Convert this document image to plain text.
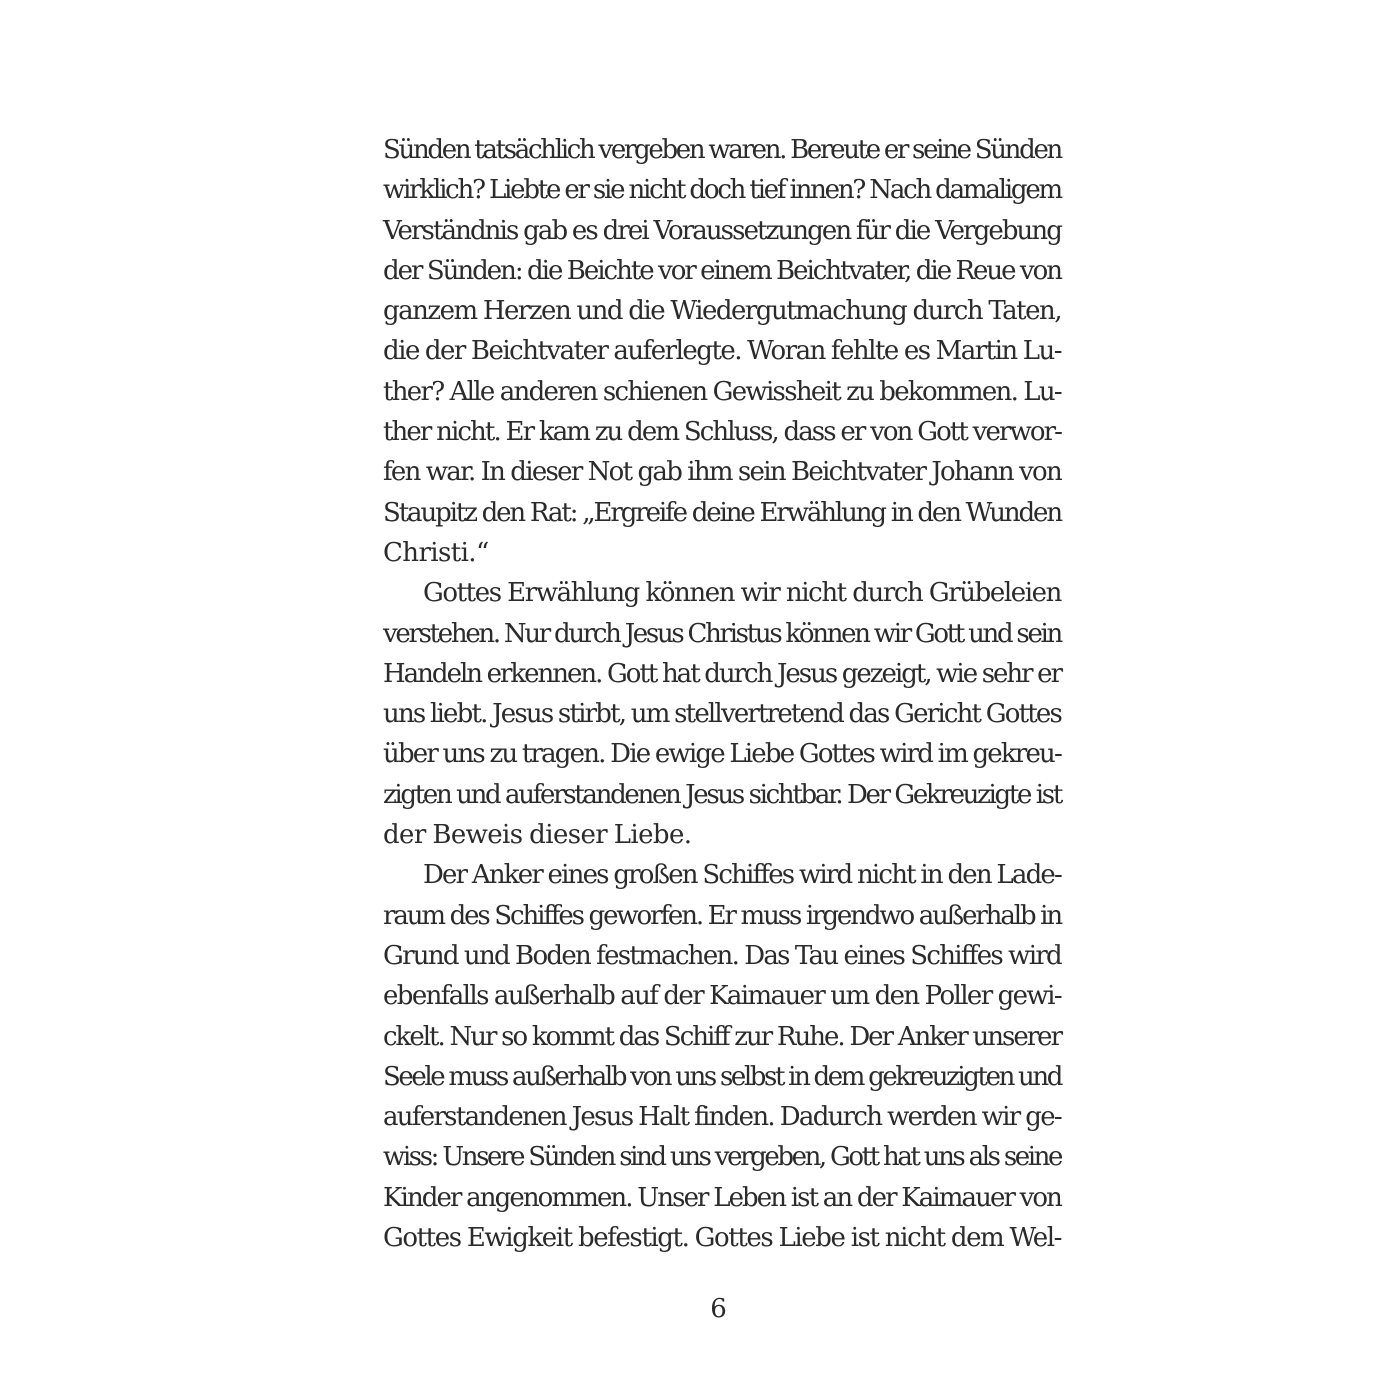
Sünden tatsächlich vergeben waren. Bereute er seine Sünden
wirklich? Liebte er sie nicht doch tief innen? Nach damaligem
Verständnis gab es drei Voraussetzungen für die Vergebung
der Sünden: die Beichte vor einem Beichtvater, die Reue von
ganzem Herzen und die Wiedergutmachung durch Taten,
die der Beichtvater auferlegte. Woran fehlte es Martin Lu-
ther? Alle anderen schienen Gewissheit zu bekommen. Lu-
ther nicht. Er kam zu dem Schluss, dass er von Gott verwor-
fen war. In dieser Not gab ihm sein Beichtvater Johann von
Staupitz den Rat: „Ergreife deine Erwählung in den Wunden
Christi.“
Gottes Erwählung können wir nicht durch Grübeleien
verstehen. Nur durch Jesus Christus können wir Gott und sein
Handeln erkennen. Gott hat durch Jesus gezeigt, wie sehr er
uns liebt. Jesus stirbt, um stellvertretend das Gericht Gottes
über uns zu tragen. Die ewige Liebe Gottes wird im gekreu-
zigten und auferstandenen Jesus sichtbar. Der Gekreuzigte ist
der Beweis dieser Liebe.
Der Anker eines großen Schiffes wird nicht in den Lade-
raum des Schiffes geworfen. Er muss irgendwo außerhalb in
Grund und Boden festmachen. Das Tau eines Schiffes wird
ebenfalls außerhalb auf der Kaimauer um den Poller gewi-
ckelt. Nur so kommt das Schiff zur Ruhe. Der Anker unserer
Seele muss außerhalb von uns selbst in dem gekreuzigten und
auferstandenen Jesus Halt finden. Dadurch werden wir ge-
wiss: Unsere Sünden sind uns vergeben, Gott hat uns als seine
Kinder angenommen. Unser Leben ist an der Kaimauer von
Gottes Ewigkeit befestigt. Gottes Liebe ist nicht dem Wel-
6
